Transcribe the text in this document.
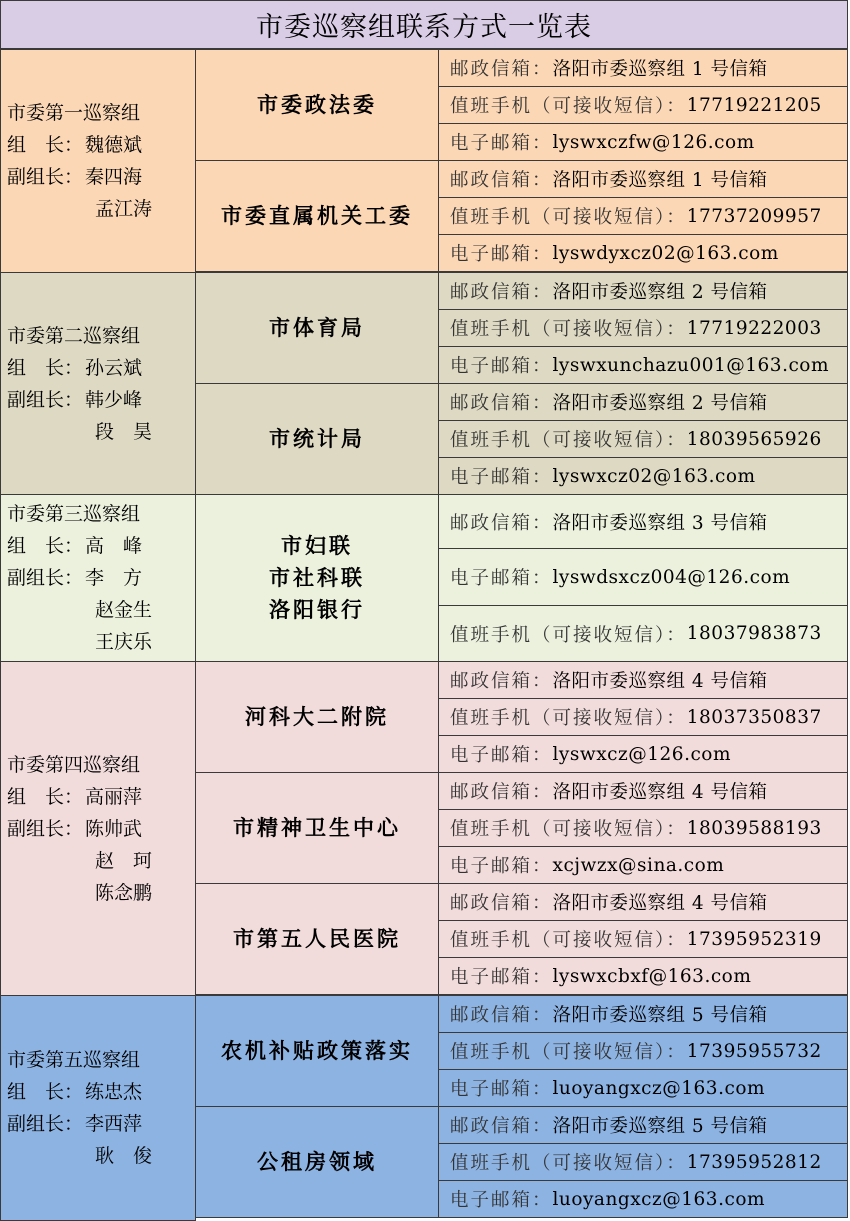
市委巡察组联系方式一览表
市委第一巡察组
组　长： 魏德斌
副组长： 秦四海
孟江涛
市委政法委
邮政信箱： 洛阳市委巡察组 1 号信箱
值班手机（可接收短信）： 17719221205
电子邮箱： lyswxczfw@126.com
市委直属机关工委
邮政信箱： 洛阳市委巡察组 1 号信箱
值班手机（可接收短信）： 17737209957
电子邮箱： lyswdyxcz02@163.com
市委第二巡察组
组　长： 孙云斌
副组长： 韩少峰
段　昊
市体育局
邮政信箱： 洛阳市委巡察组 2 号信箱
值班手机（可接收短信）： 17719222003
电子邮箱： lyswxunchazu001@163.com
市统计局
邮政信箱： 洛阳市委巡察组 2 号信箱
值班手机（可接收短信）： 18039565926
电子邮箱： lyswxcz02@163.com
市委第三巡察组
组　长： 高　峰
副组长： 李　方
赵金生
王庆乐
市妇联
市社科联
洛阳银行
邮政信箱： 洛阳市委巡察组 3 号信箱
电子邮箱： lyswdsxcz004@126.com
值班手机（可接收短信）： 18037983873
市委第四巡察组
组　长： 高丽萍
副组长： 陈帅武
赵　珂
陈念鹏
河科大二附院
邮政信箱： 洛阳市委巡察组 4 号信箱
值班手机（可接收短信）： 18037350837
电子邮箱： lyswxcz@126.com
市精神卫生中心
邮政信箱： 洛阳市委巡察组 4 号信箱
值班手机（可接收短信）： 18039588193
电子邮箱： xcjwzx@sina.com
市第五人民医院
邮政信箱： 洛阳市委巡察组 4 号信箱
值班手机（可接收短信）： 17395952319
电子邮箱： lyswxcbxf@163.com
市委第五巡察组
组　长： 练忠杰
副组长： 李西萍
耿　俊
农机补贴政策落实
邮政信箱： 洛阳市委巡察组 5 号信箱
值班手机（可接收短信）： 17395955732
电子邮箱： luoyangxcz@163.com
公租房领域
邮政信箱： 洛阳市委巡察组 5 号信箱
值班手机（可接收短信）： 17395952812
电子邮箱： luoyangxcz@163.com
